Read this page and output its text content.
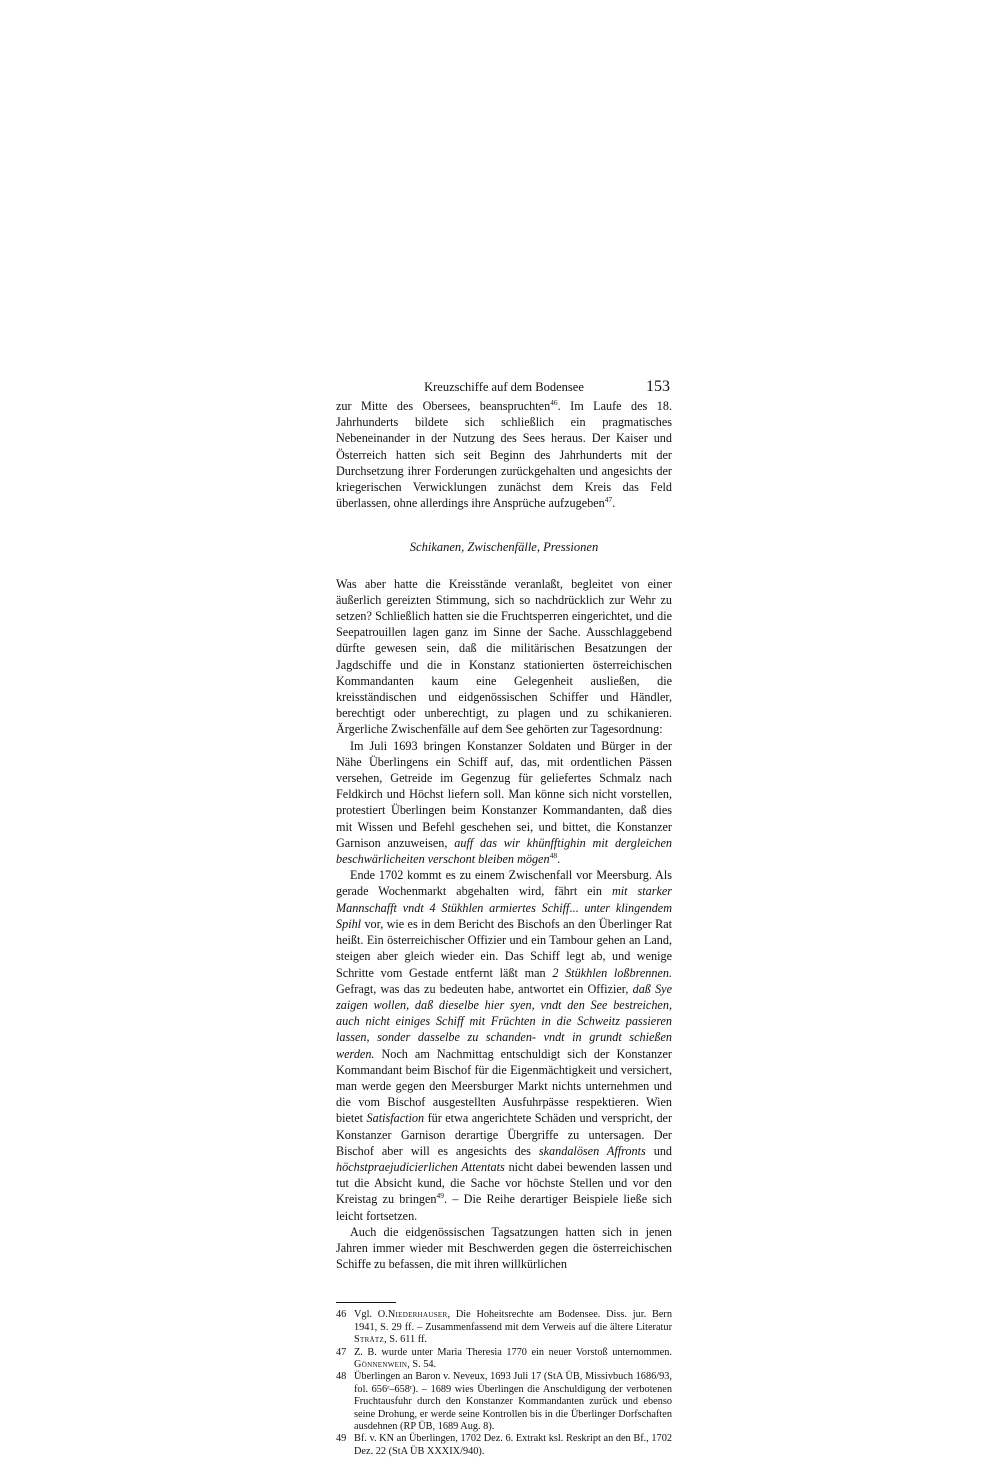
Kreuzschiffe auf dem Bodensee	153

zur Mitte des Obersees, beanspruchten$^{46}$. Im Laufe des 18. Jahrhunderts bildete sich schließlich ein pragmatisches Nebeneinander in der Nutzung des Sees heraus. Der Kaiser und Österreich hatten sich seit Beginn des Jahrhunderts mit der Durchsetzung ihrer Forderungen zurückgehalten und angesichts der kriegerischen Verwicklungen zunächst dem Kreis das Feld überlassen, ohne allerdings ihre Ansprüche aufzugeben$^{47}$.

Schikanen, Zwischenfälle, Pressionen

Was aber hatte die Kreisstände veranlaßt, begleitet von einer äußerlich gereizten Stimmung, sich so nachdrücklich zur Wehr zu setzen? Schließlich hatten sie die Fruchtsperren eingerichtet, und die Seepatrouillen lagen ganz im Sinne der Sache. Ausschlaggebend dürfte gewesen sein, daß die militärischen Besatzungen der Jagdschiffe und die in Konstanz stationierten österreichischen Kommandanten kaum eine Gelegenheit ausließen, die kreisständischen und eidgenössischen Schiffer und Händler, berechtigt oder unberechtigt, zu plagen und zu schikanieren. Ärgerliche Zwischenfälle auf dem See gehörten zur Tagesordnung:

Im Juli 1693 bringen Konstanzer Soldaten und Bürger in der Nähe Überlingens ein Schiff auf, das, mit ordentlichen Pässen versehen, Getreide im Gegenzug für geliefertes Schmalz nach Feldkirch und Höchst liefern soll. Man könne sich nicht vorstellen, protestiert Überlingen beim Konstanzer Kommandanten, daß dies mit Wissen und Befehl geschehen sei, und bittet, die Konstanzer Garnison anzuweisen, auff das wir khünfftighin mit dergleichen beschwärlicheiten verschont bleiben mögen$^{48}$.

Ende 1702 kommt es zu einem Zwischenfall vor Meersburg. Als gerade Wochenmarkt abgehalten wird, fährt ein mit starker Mannschafft vndt 4 Stükhlen armiertes Schiff... unter klingendem Spihl vor, wie es in dem Bericht des Bischofs an den Überlinger Rat heißt. Ein österreichischer Offizier und ein Tambour gehen an Land, steigen aber gleich wieder ein. Das Schiff legt ab, und wenige Schritte vom Gestade entfernt läßt man 2 Stükhlen loßbrennen. Gefragt, was das zu bedeuten habe, antwortet ein Offizier, daß Sye zaigen wollen, daß dieselbe hier syen, vndt den See bestreichen, auch nicht einiges Schiff mit Früchten in die Schweitz passieren lassen, sonder dasselbe zu schanden- vndt in grundt schießen werden. Noch am Nachmittag entschuldigt sich der Konstanzer Kommandant beim Bischof für die Eigenmächtigkeit und versichert, man werde gegen den Meersburger Markt nichts unternehmen und die vom Bischof ausgestellten Ausfuhrpässe respektieren. Wien bietet Satisfaction für etwa angerichtete Schäden und verspricht, der Konstanzer Garnison derartige Übergriffe zu untersagen. Der Bischof aber will es angesichts des skandalösen Affronts und höchstpraejudicierlichen Attentats nicht dabei bewenden lassen und tut die Absicht kund, die Sache vor höchste Stellen und vor den Kreistag zu bringen$^{49}$. – Die Reihe derartiger Beispiele ließe sich leicht fortsetzen.

Auch die eidgenössischen Tagsatzungen hatten sich in jenen Jahren immer wieder mit Beschwerden gegen die österreichischen Schiffe zu befassen, die mit ihren willkürlichen

46 Vgl. O.Niederhauser, Die Hoheitsrechte am Bodensee. Diss. jur. Bern 1941, S. 29 ff. – Zusammenfassend mit dem Verweis auf die ältere Literatur Strätz, S. 611 ff.
47 Z. B. wurde unter Maria Theresia 1770 ein neuer Vorstoß unternommen. Gönnenwein, S. 54.
48 Überlingen an Baron v. Neveux, 1693 Juli 17 (StA ÜB, Missivbuch 1686/93, fol. 656ʳ–658ʳ). – 1689 wies Überlingen die Anschuldigung der verbotenen Fruchtausfuhr durch den Konstanzer Kommandanten zurück und ebenso seine Drohung, er werde seine Kontrollen bis in die Überlinger Dorfschaften ausdehnen (RP ÜB, 1689 Aug. 8).
49 Bf. v. KN an Überlingen, 1702 Dez. 6. Extrakt ksl. Reskript an den Bf., 1702 Dez. 22 (StA ÜB XXXIX/940).
